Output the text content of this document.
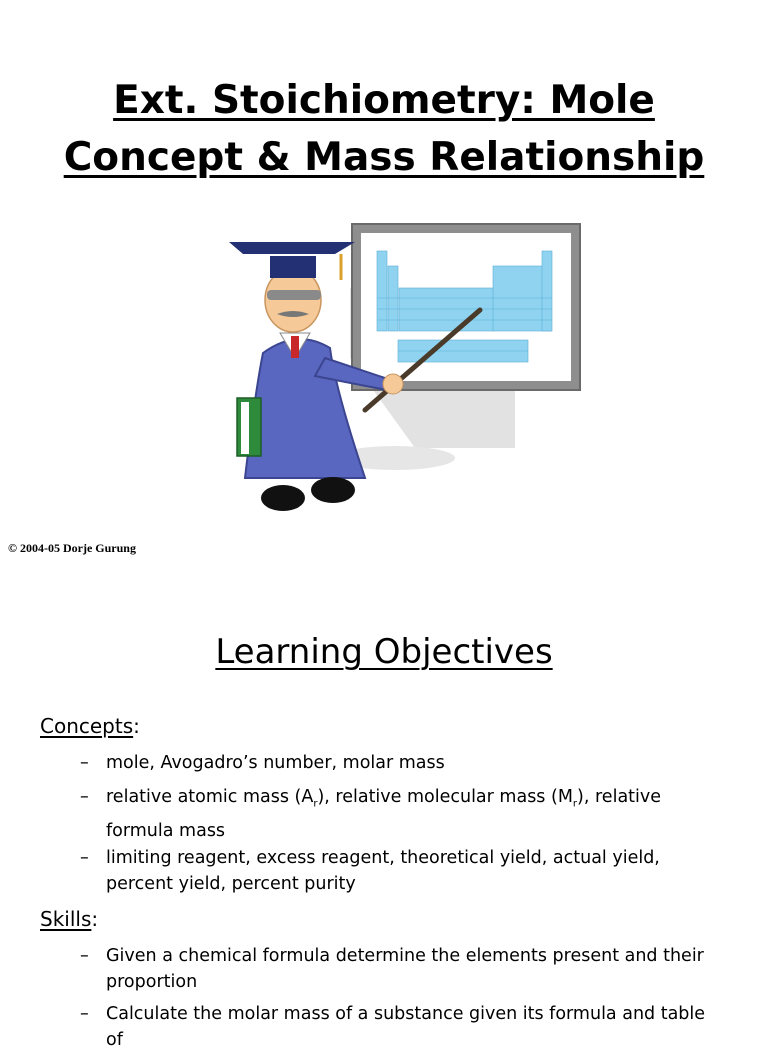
Ext. Stoichiometry: Mole
Concept & Mass Relationship
© 2004-05 Dorje Gurung
Learning Objectives
Concepts:
– mole, Avogadro’s number, molar mass
– relative atomic mass $(A_r)$, relative molecular mass $(M_r)$, relative formula mass
– limiting reagent, excess reagent, theoretical yield, actual yield, percent yield, percent purity
Skills:
– Given a chemical formula determine the elements present and their proportion
– Calculate the molar mass of a substance given its formula and table of
